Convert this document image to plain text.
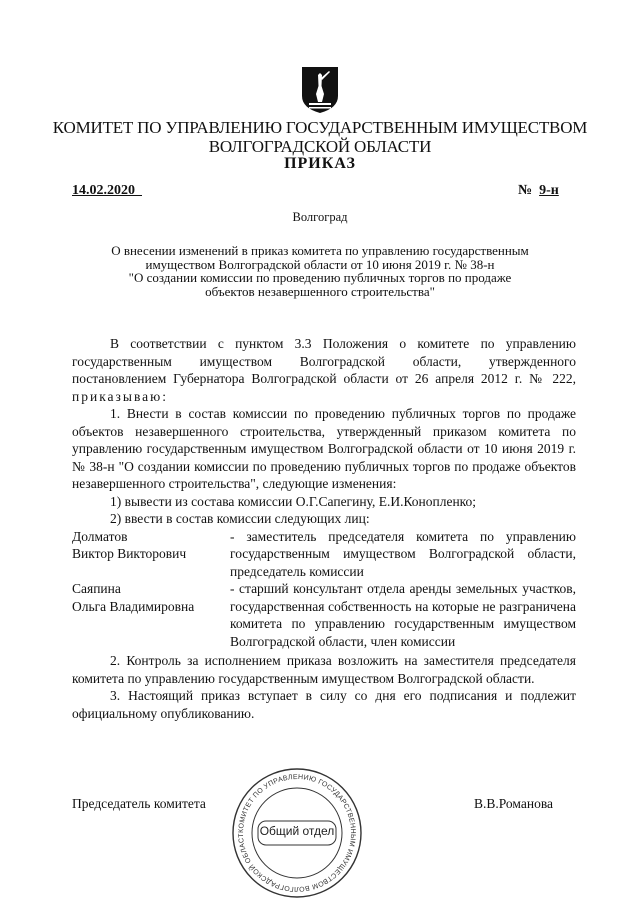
КОМИТЕТ ПО УПРАВЛЕНИЮ ГОСУДАРСТВЕННЫМ ИМУЩЕСТВОМ
ВОЛГОГРАДСКОЙ ОБЛАСТИ
ПРИКАЗ
14.02.2020	№ 9-н
Волгоград
О внесении изменений в приказ комитета по управлению государственным
имуществом Волгоградской области от 10 июня 2019 г. № 38-н
"О создании комиссии по проведению публичных торгов по продаже
объектов незавершенного строительства"

В соответствии с пунктом 3.3 Положения о комитете по управлению государственным имуществом Волгоградской области, утвержденного постановлением Губернатора Волгоградской области от 26 апреля 2012 г. № 222, приказываю:

1. Внести в состав комиссии по проведению публичных торгов по продаже объектов незавершенного строительства, утвержденный приказом комитета по управлению государственным имуществом Волгоградской области от 10 июня 2019 г. № 38-н "О создании комиссии по проведению публичных торгов по продаже объектов незавершенного строительства", следующие изменения:

1) вывести из состава комиссии О.Г.Сапегину, Е.И.Конопленко;

2) ввести в состав комиссии следующих лиц:

Долматов
Виктор Викторович
- заместитель председателя комитета по управлению государственным имуществом Волгоградской области, председатель комиссии
Саяпина
Ольга Владимировна
- старший консультант отдела аренды земельных участков, государственная собственность на которые не разграничена комитета по управлению государственным имуществом Волгоградской области, член комиссии

2. Контроль за исполнением приказа возложить на заместителя председателя комитета по управлению государственным имуществом Волгоградской области.

3. Настоящий приказ вступает в силу со дня его подписания и подлежит официальному опубликованию.

КОМИТЕТ ПО УПРАВЛЕНИЮ ГОСУДАРСТВЕННЫМ ИМУЩЕСТВОМ ВОЛГОГРАДСКОЙ ОБЛАСТ	Общий отдел
Председатель комитета	В.В.Романова
